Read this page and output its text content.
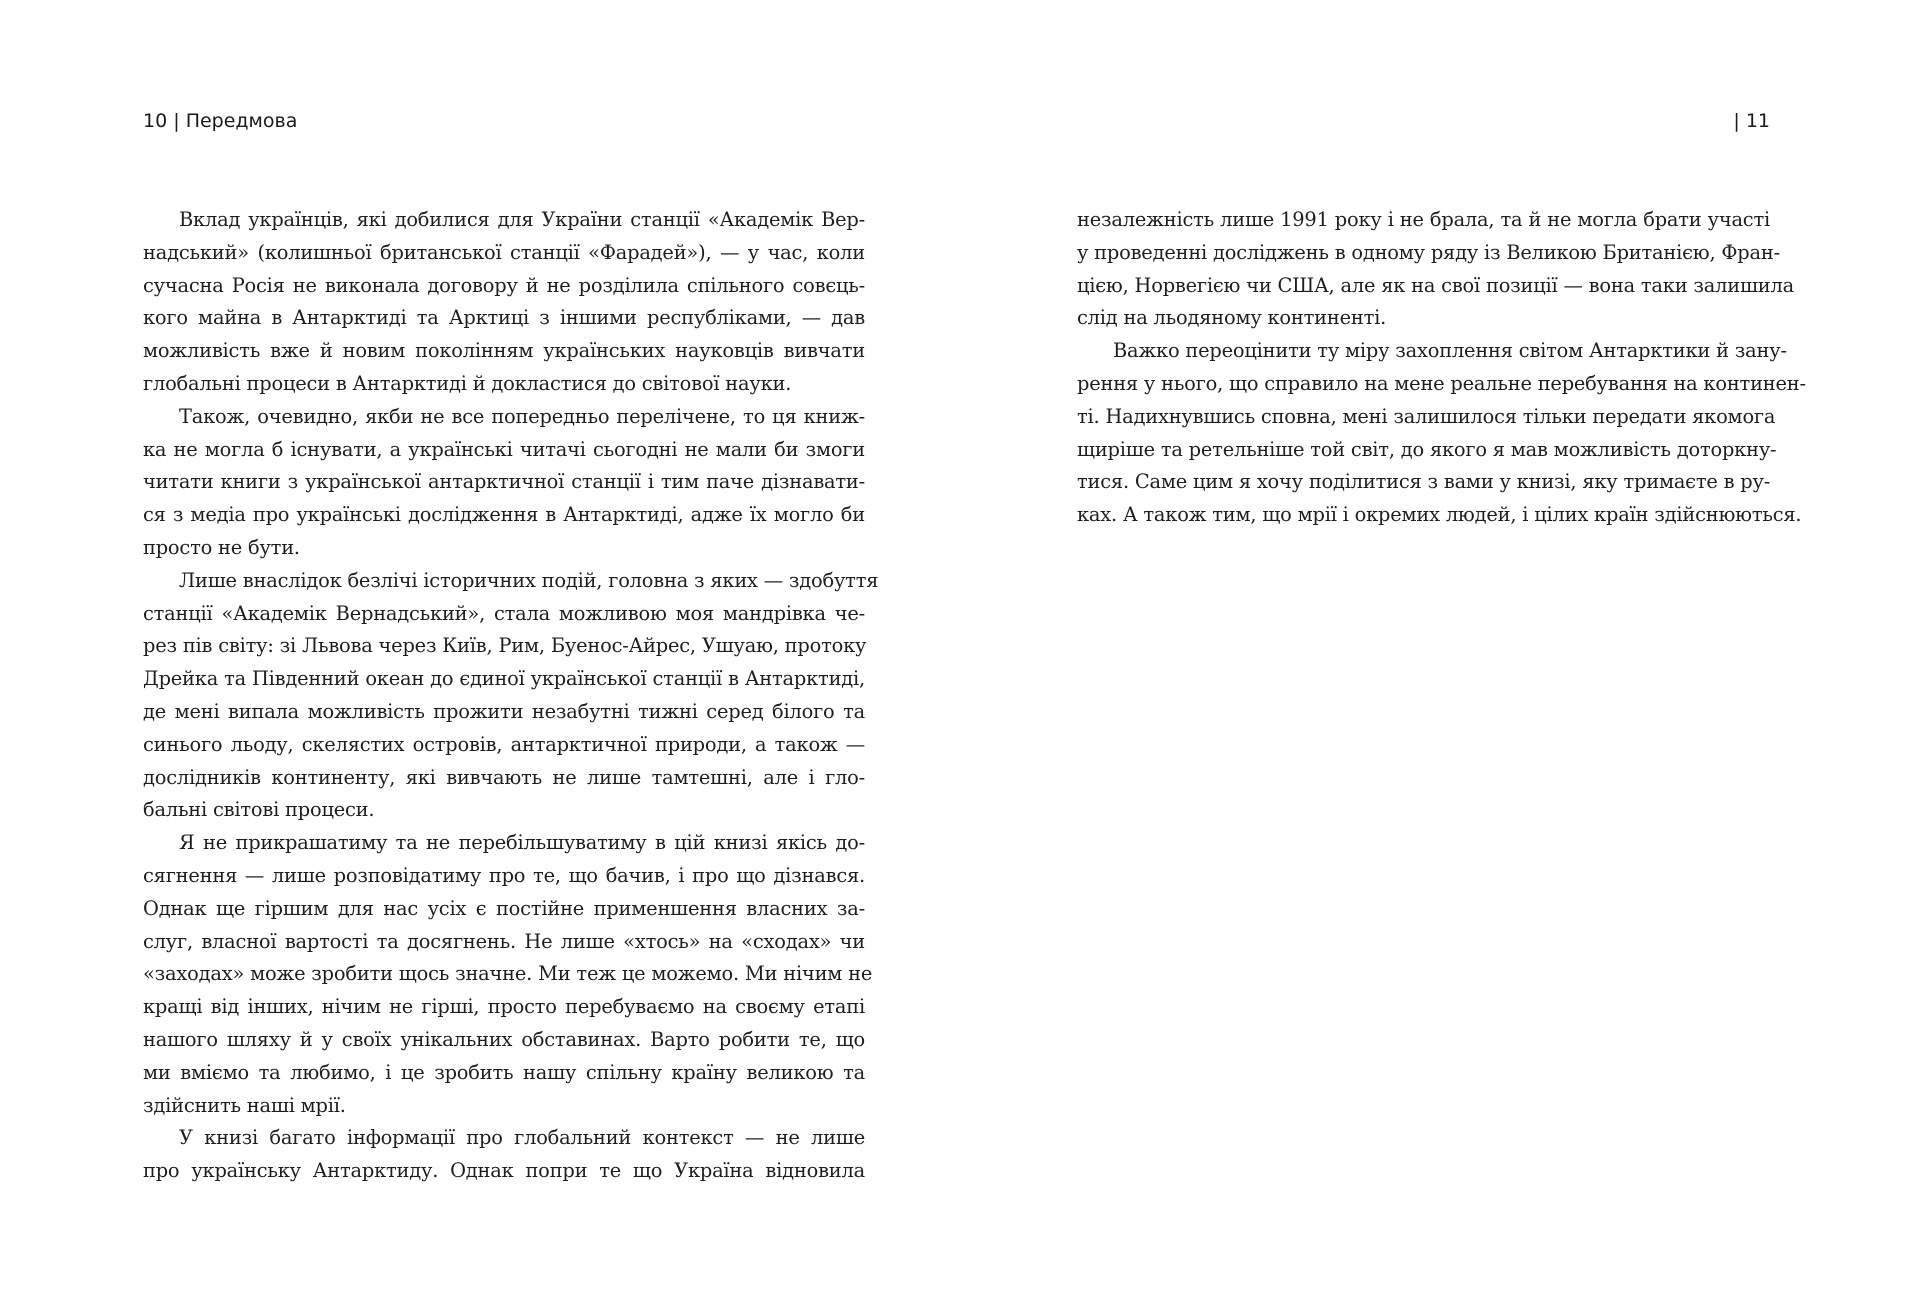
10 | Передмова
Вклад українців, які добилися для України станції «Академік Вер-
надський» (колишньої британської станції «Фарадей»), — у час, коли
сучасна Росія не виконала договору й не розділила спільного совєць-
кого майна в Антарктиді та Арктиці з іншими республіками, — дав
можливість вже й новим поколінням українських науковців вивчати
глобальні процеси в Антарктиді й докластися до світової науки.
Також, очевидно, якби не все попередньо перелічене, то ця книж-
ка не могла б існувати, а українські читачі сьогодні не мали би змоги
читати книги з української антарктичної станції і тим паче дізнавати-
ся з медіа про українські дослідження в Антарктиді, адже їх могло би
просто не бути.
Лише внаслідок безлічі історичних подій, головна з яких — здобуття
станції «Академік Вернадський», стала можливою моя мандрівка че-
рез пів світу: зі Львова через Київ, Рим, Буенос-Айрес, Ушуаю, протоку
Дрейка та Південний океан до єдиної української станції в Антарктиді,
де мені випала можливість прожити незабутні тижні серед білого та
синього льоду, скелястих островів, антарктичної природи, а також —
дослідників континенту, які вивчають не лише тамтешні, але і гло-
бальні світові процеси.
Я не прикрашатиму та не перебільшуватиму в цій книзі якісь до-
сягнення — лише розповідатиму про те, що бачив, і про що дізнався.
Однак ще гіршим для нас усіх є постійне применшення власних за-
слуг, власної вартості та досягнень. Не лише «хтось» на «сходах» чи
«заходах» може зробити щось значне. Ми теж це можемо. Ми нічим не
кращі від інших, нічим не гірші, просто перебуваємо на своєму етапі
нашого шляху й у своїх унікальних обставинах. Варто робити те, що
ми вміємо та любимо, і це зробить нашу спільну країну великою та
здійснить наші мрії.
У книзі багато інформації про глобальний контекст — не лише
про українську Антарктиду. Однак попри те що Україна відновила
| 11
незалежність лише 1991 року і не брала, та й не могла брати участі
у проведенні досліджень в одному ряду із Великою Британією, Фран-
цією, Норвегією чи США, але як на свої позиції — вона таки залишила
слід на льодяному континенті.
Важко переоцінити ту міру захоплення світом Антарктики й зану-
рення у нього, що справило на мене реальне перебування на континен-
ті. Надихнувшись сповна, мені залишилося тільки передати якомога
щиріше та ретельніше той світ, до якого я мав можливість доторкну-
тися. Саме цим я хочу поділитися з вами у книзі, яку тримаєте в ру-
ках. А також тим, що мрії і окремих людей, і цілих країн здійснюються.
